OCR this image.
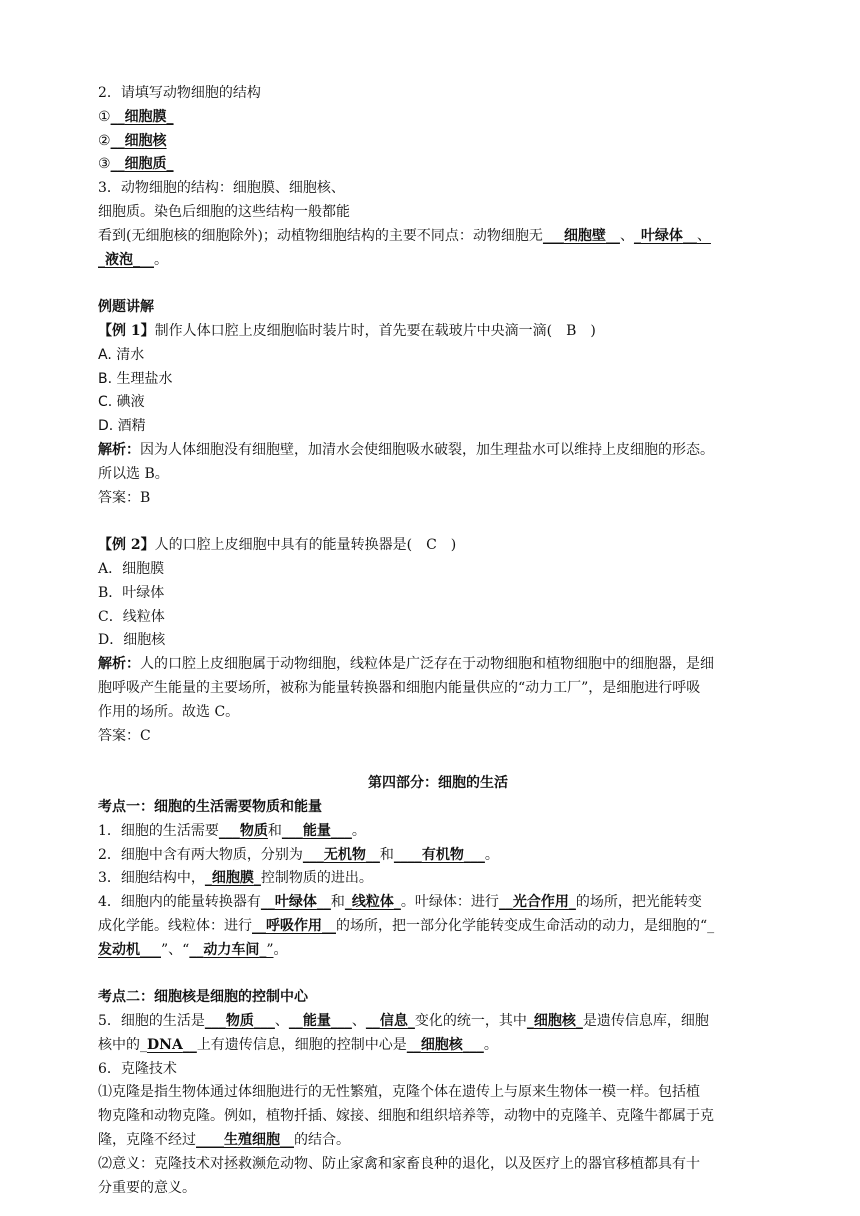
2．请填写动物细胞的结构
①__细胞膜_
②__细胞核
③__细胞质_
3．动物细胞的结构：细胞膜、细胞核、
细胞质。染色后细胞的这些结构一般都能
看到(无细胞核的细胞除外)；动植物细胞结构的主要不同点：动物细胞无___细胞壁__、_叶绿体__、
_液泡___。
例题讲解
【例 1】制作人体口腔上皮细胞临时装片时，首先要在载玻片中央滴一滴(　B　)
A. 清水
B. 生理盐水
C. 碘液
D. 酒精
解析：因为人体细胞没有细胞壁，加清水会使细胞吸水破裂，加生理盐水可以维持上皮细胞的形态。
所以选 B。
答案：B
【例 2】人的口腔上皮细胞中具有的能量转换器是(　C　)
A．细胞膜
B．叶绿体
C．线粒体
D．细胞核
解析：人的口腔上皮细胞属于动物细胞，线粒体是广泛存在于动物细胞和植物细胞中的细胞器，是细
胞呼吸产生能量的主要场所，被称为能量转换器和细胞内能量供应的“动力工厂”，是细胞进行呼吸
作用的场所。故选 C。
答案：C
第四部分：细胞的生活
考点一：细胞的生活需要物质和能量
1．细胞的生活需要___物质和___能量___。
2．细胞中含有两大物质，分别为___无机物__和____有机物___。
3．细胞结构中，_细胞膜_控制物质的进出。
4．细胞内的能量转换器有__叶绿体__和_线粒体_。叶绿体：进行__光合作用_的场所，把光能转变
成化学能。线粒体：进行__呼吸作用__的场所，把一部分化学能转变成生命活动的动力，是细胞的“_
发动机___”、“__动力车间_”。
考点二：细胞核是细胞的控制中心
5．细胞的生活是___物质___、__能量___、__信息_变化的统一，其中_细胞核_是遗传信息库，细胞
核中的_DNA__上有遗传信息，细胞的控制中心是__细胞核___。
6．克隆技术
⑴克隆是指生物体通过体细胞进行的无性繁殖，克隆个体在遗传上与原来生物体一模一样。包括植
物克隆和动物克隆。例如，植物扦插、嫁接、细胞和组织培养等，动物中的克隆羊、克隆牛都属于克
隆，克隆不经过____生殖细胞__的结合。
⑵意义：克隆技术对拯救濒危动物、防止家禽和家畜良种的退化，以及医疗上的器官移植都具有十
分重要的意义。
